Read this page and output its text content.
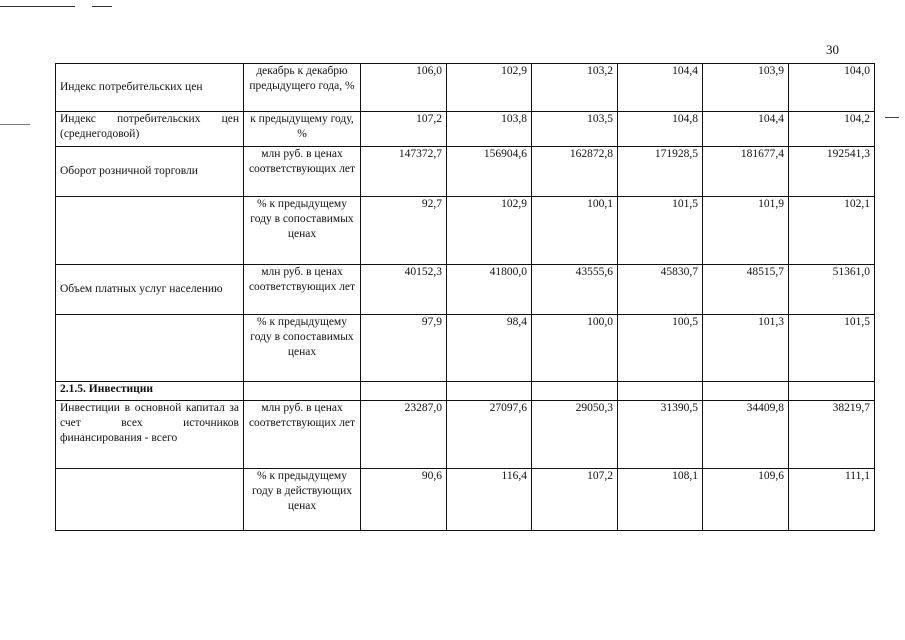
30
Индекс потребительских цен	декабрь к декабрю предыдущего года, %	106,0	102,9	103,2	104,4	103,9	104,0
Индекс потребительских цен (среднегодовой)	к предыдущему году, %	107,2	103,8	103,5	104,8	104,4	104,2
Оборот розничной торговли	млн руб. в ценах соответствующих лет	147372,7	156904,6	162872,8	171928,5	181677,4	192541,3
	% к предыдущему году в сопоставимых ценах	92,7	102,9	100,1	101,5	101,9	102,1
Объем платных услуг населению	млн руб. в ценах соответствующих лет	40152,3	41800,0	43555,6	45830,7	48515,7	51361,0
	% к предыдущему году в сопоставимых ценах	97,9	98,4	100,0	100,5	101,3	101,5
2.1.5. Инвестиции							
Инвестиции в основной капитал за счет всех источников финансирования - всего	млн руб. в ценах соответствующих лет	23287,0	27097,6	29050,3	31390,5	34409,8	38219,7
	% к предыдущему году в действующих ценах	90,6	116,4	107,2	108,1	109,6	111,1
